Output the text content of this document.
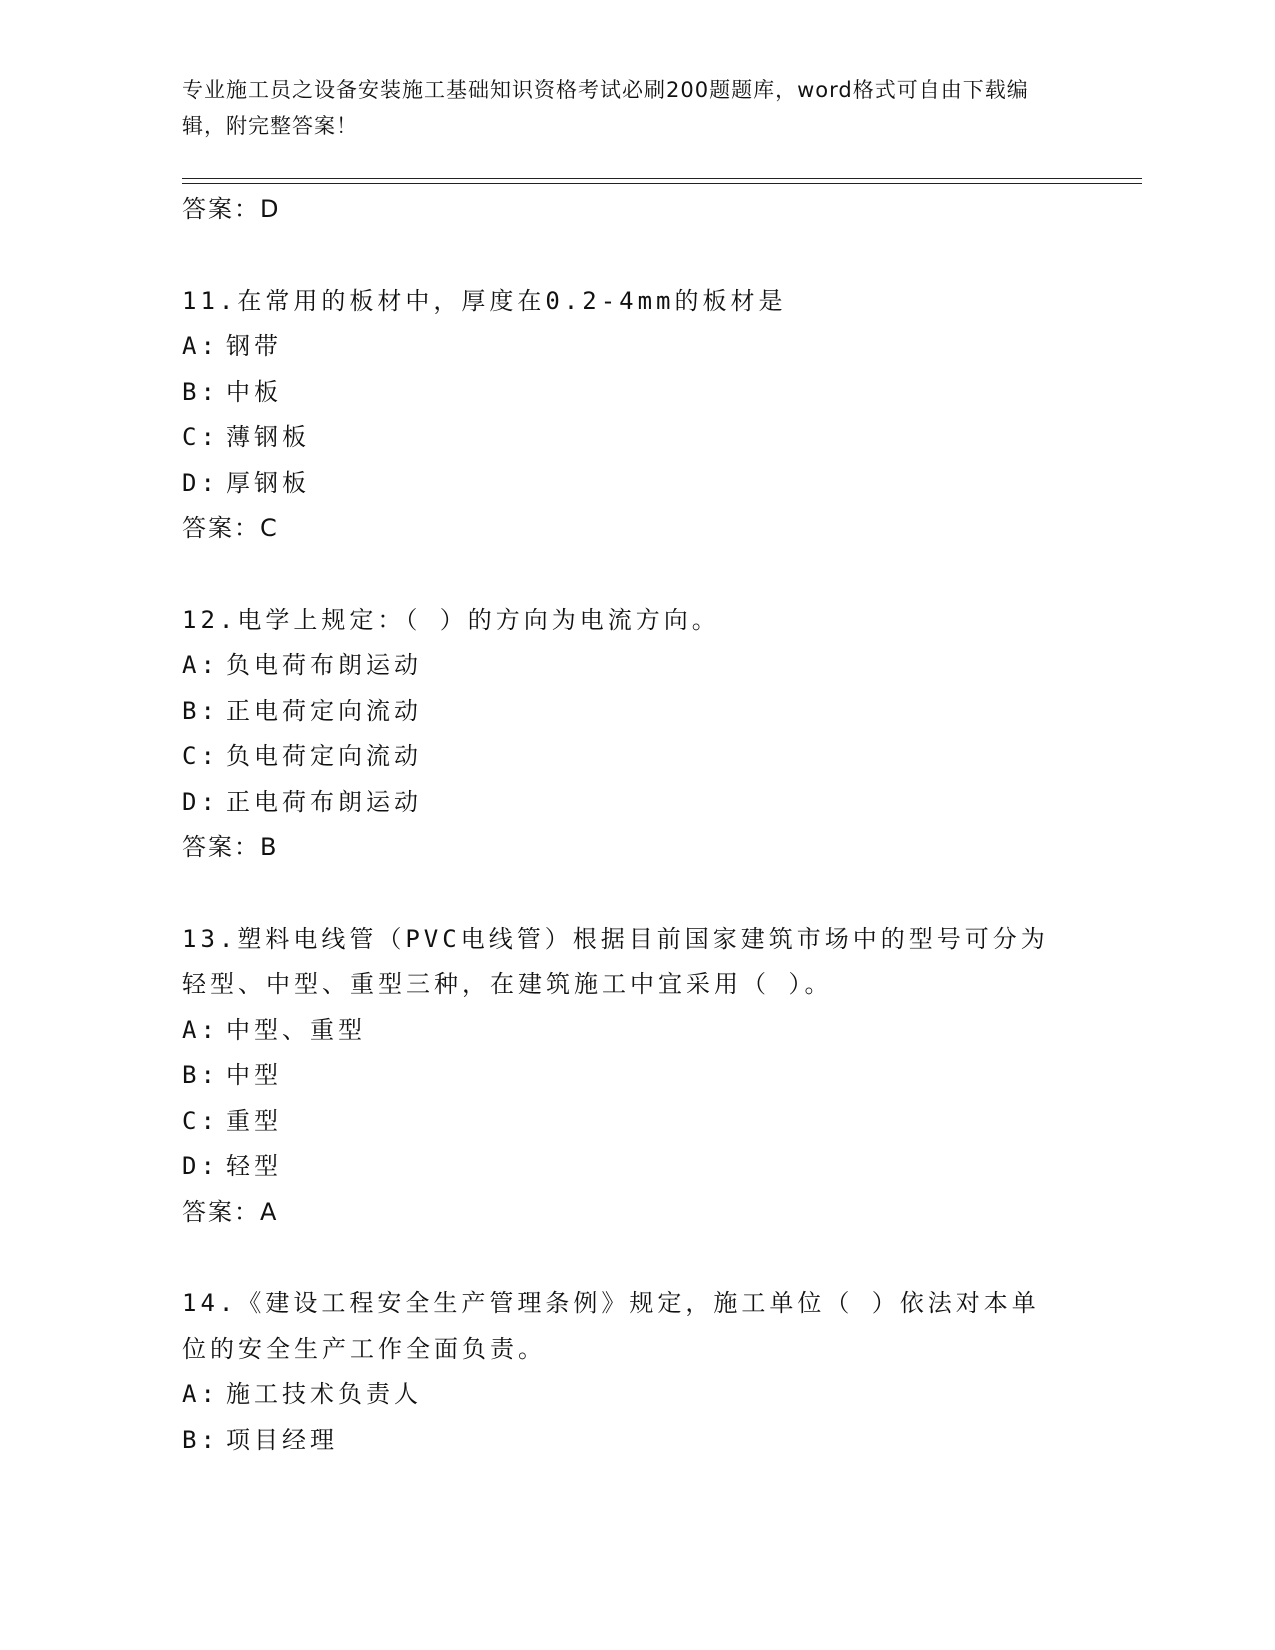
专业施工员之设备安装施工基础知识资格考试必刷200题题库，word格式可自由下载编辑，附完整答案！
答案：D
11.在常用的板材中，厚度在0.2-4mm的板材是
A: 钢带
B: 中板
C: 薄钢板
D: 厚钢板
答案：C
12.电学上规定：（ ）的方向为电流方向。
A: 负电荷布朗运动
B: 正电荷定向流动
C: 负电荷定向流动
D: 正电荷布朗运动
答案：B
13.塑料电线管（PVC电线管）根据目前国家建筑市场中的型号可分为
轻型、中型、重型三种，在建筑施工中宜采用（ ）。
A: 中型、重型
B: 中型
C: 重型
D: 轻型
答案：A
14.《建设工程安全生产管理条例》规定，施工单位（ ）依法对本单
位的安全生产工作全面负责。
A: 施工技术负责人
B: 项目经理
